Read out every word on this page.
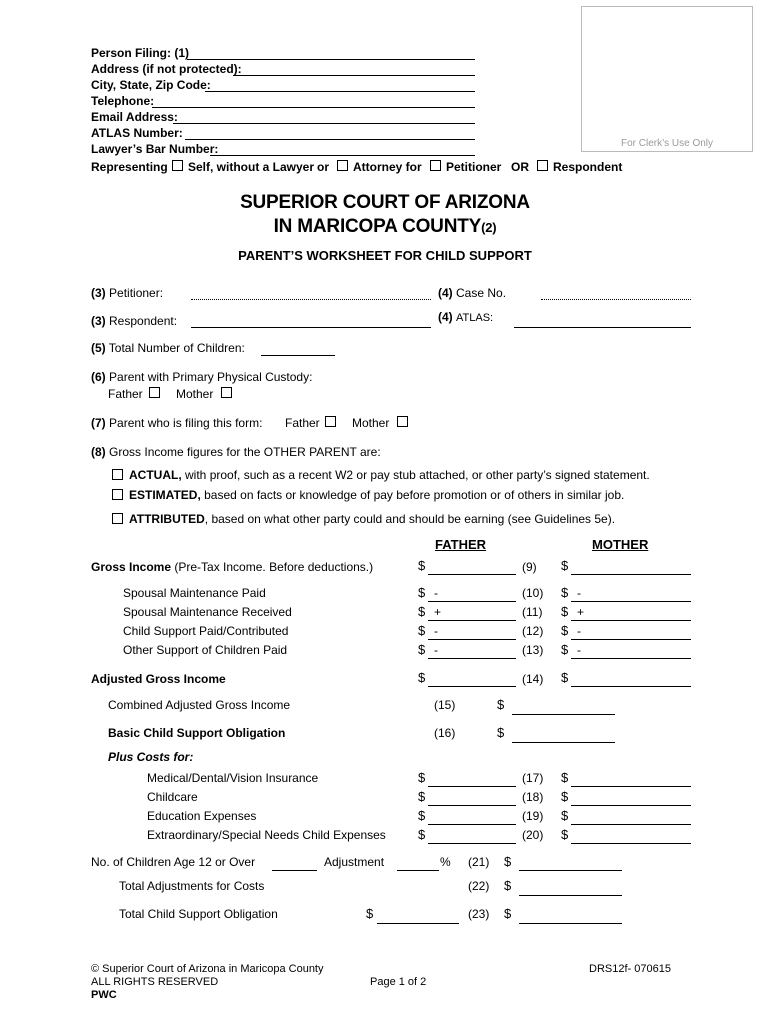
For Clerk’s Use Only
Person Filing: (1)
Address (if not protected):
City, State, Zip Code:
Telephone:
Email Address:
ATLAS Number:
Lawyer’s Bar Number:
Representing Self, without a Lawyer or Attorney for Petitioner OR Respondent
SUPERIOR COURT OF ARIZONA
IN MARICOPA COUNTY(2)
PARENT’S WORKSHEET FOR CHILD SUPPORT
(3) Petitioner:	(4) Case No.
(3) Respondent:	(4) ATLAS:
(5) Total Number of Children:
(6) Parent with Primary Physical Custody:
Father	Mother
(7) Parent who is filing this form: Father	Mother
(8) Gross Income figures for the OTHER PARENT are:
ACTUAL, with proof, such as a recent W2 or pay stub attached, or other party’s signed statement.
ESTIMATED, based on facts or knowledge of pay before promotion or of others in similar job.
ATTRIBUTED, based on what other party could and should be earning (see Guidelines 5e).
FATHER	MOTHER
Gross Income (Pre-Tax Income. Before deductions.)	$	(9) $
Spousal Maintenance Paid	$ -	(10) $ -
Spousal Maintenance Received	$ +	(11) $ +
Child Support Paid/Contributed	$ -	(12) $ -
Other Support of Children Paid	$ -	(13) $ -
Adjusted Gross Income	$	(14) $
Combined Adjusted Gross Income	(15)	$
Basic Child Support Obligation	(16)	$
Plus Costs for:
Medical/Dental/Vision Insurance	$	(17) $
Childcare	$	(18) $
Education Expenses	$	(19) $
Extraordinary/Special Needs Child Expenses $	(20) $
No. of Children Age 12 or Over	Adjustment	% (21) $
Total Adjustments for Costs	(22) $
Total Child Support Obligation	$	(23) $
© Superior Court of Arizona in Maricopa County
ALL RIGHTS RESERVED
PWC
Page 1 of 2
DRS12f- 070615
